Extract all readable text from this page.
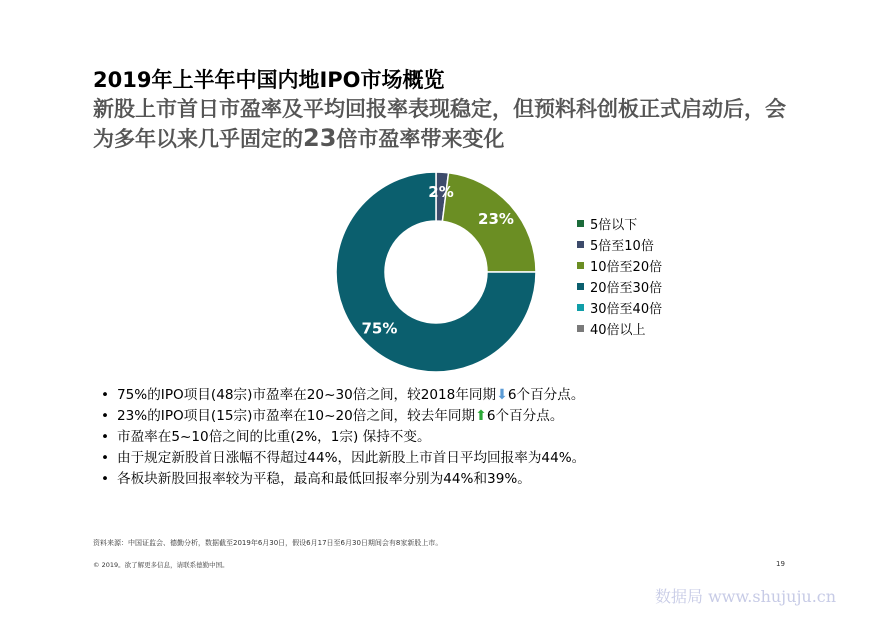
2019年上半年中国内地IPO市场概览
新股上市首日市盈率及平均回报率表现稳定，但预料科创板正式启动后，会为多年以来几乎固定的23倍市盈率带来变化
2%
23%
75%
5倍以下
5倍至10倍
10倍至20倍
20倍至30倍
30倍至40倍
40倍以上
• 75%的IPO项目(48宗)市盈率在20~30倍之间，较2018年同期⬇6个百分点。
• 23%的IPO项目(15宗)市盈率在10~20倍之间，较去年同期⬆6个百分点。
• 市盈率在5~10倍之间的比重(2%，1宗) 保持不变。
• 由于规定新股首日涨幅不得超过44%，因此新股上市首日平均回报率为44%。
• 各板块新股回报率较为平稳，最高和最低回报率分别为44%和39%。
资料来源：中国证监会、德勤分析，数据截至2019年6月30日，假设6月17日至6月30日期间会有8家新股上市。
© 2019。欲了解更多信息，请联系德勤中国。	19
数据局 www.shujuju.cn
